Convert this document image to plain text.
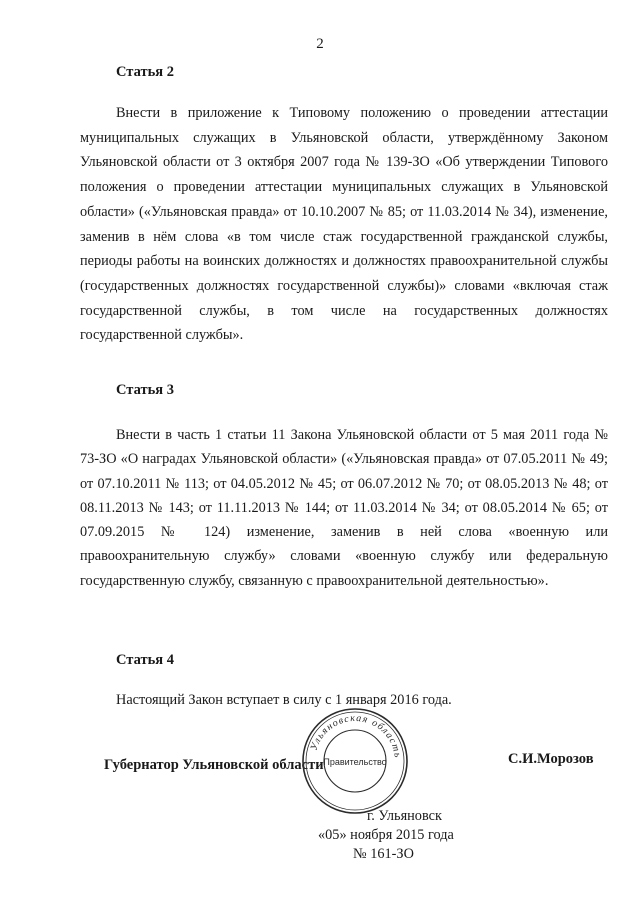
2
Статья 2

Внести в приложение к Типовому положению о проведении аттестации муниципальных служащих в Ульяновской области, утверждённому Законом Ульяновской области от 3 октября 2007 года № 139-ЗО «Об утверждении Типового положения о проведении аттестации муниципальных служащих в Ульяновской области» («Ульяновская правда» от 10.10.2007 № 85; от 11.03.2014 № 34), изменение, заменив в нём слова «в том числе стаж государственной гражданской службы, периоды работы на воинских должностях и должностях правоохранительной службы (государственных должностях государственной службы)» словами «включая стаж государственной службы, в том числе на государственных должностях государственной службы».

Статья 3

Внести в часть 1 статьи 11 Закона Ульяновской области от 5 мая 2011 года № 73-ЗО «О наградах Ульяновской области» («Ульяновская правда» от 07.05.2011 № 49; от 07.10.2011 № 113; от 04.05.2012 № 45; от 06.07.2012 № 70; от 08.05.2013 № 48; от 08.11.2013 № 143; от 11.11.2013 № 144; от 11.03.2014 № 34; от 08.05.2014 № 65; от 07.09.2015 № 124) изменение, заменив в ней слова «военную или правоохранительную службу» словами «военную службу или федеральную государственную службу, связанную с правоохранительной деятельностью».

Статья 4

Настоящий Закон вступает в силу с 1 января 2016 года.

Губернатор Ульяновской области	С.И.Морозов
Ульяновская область
Правительство
г. Ульяновск
«05» ноября 2015 года
№ 161-ЗО
